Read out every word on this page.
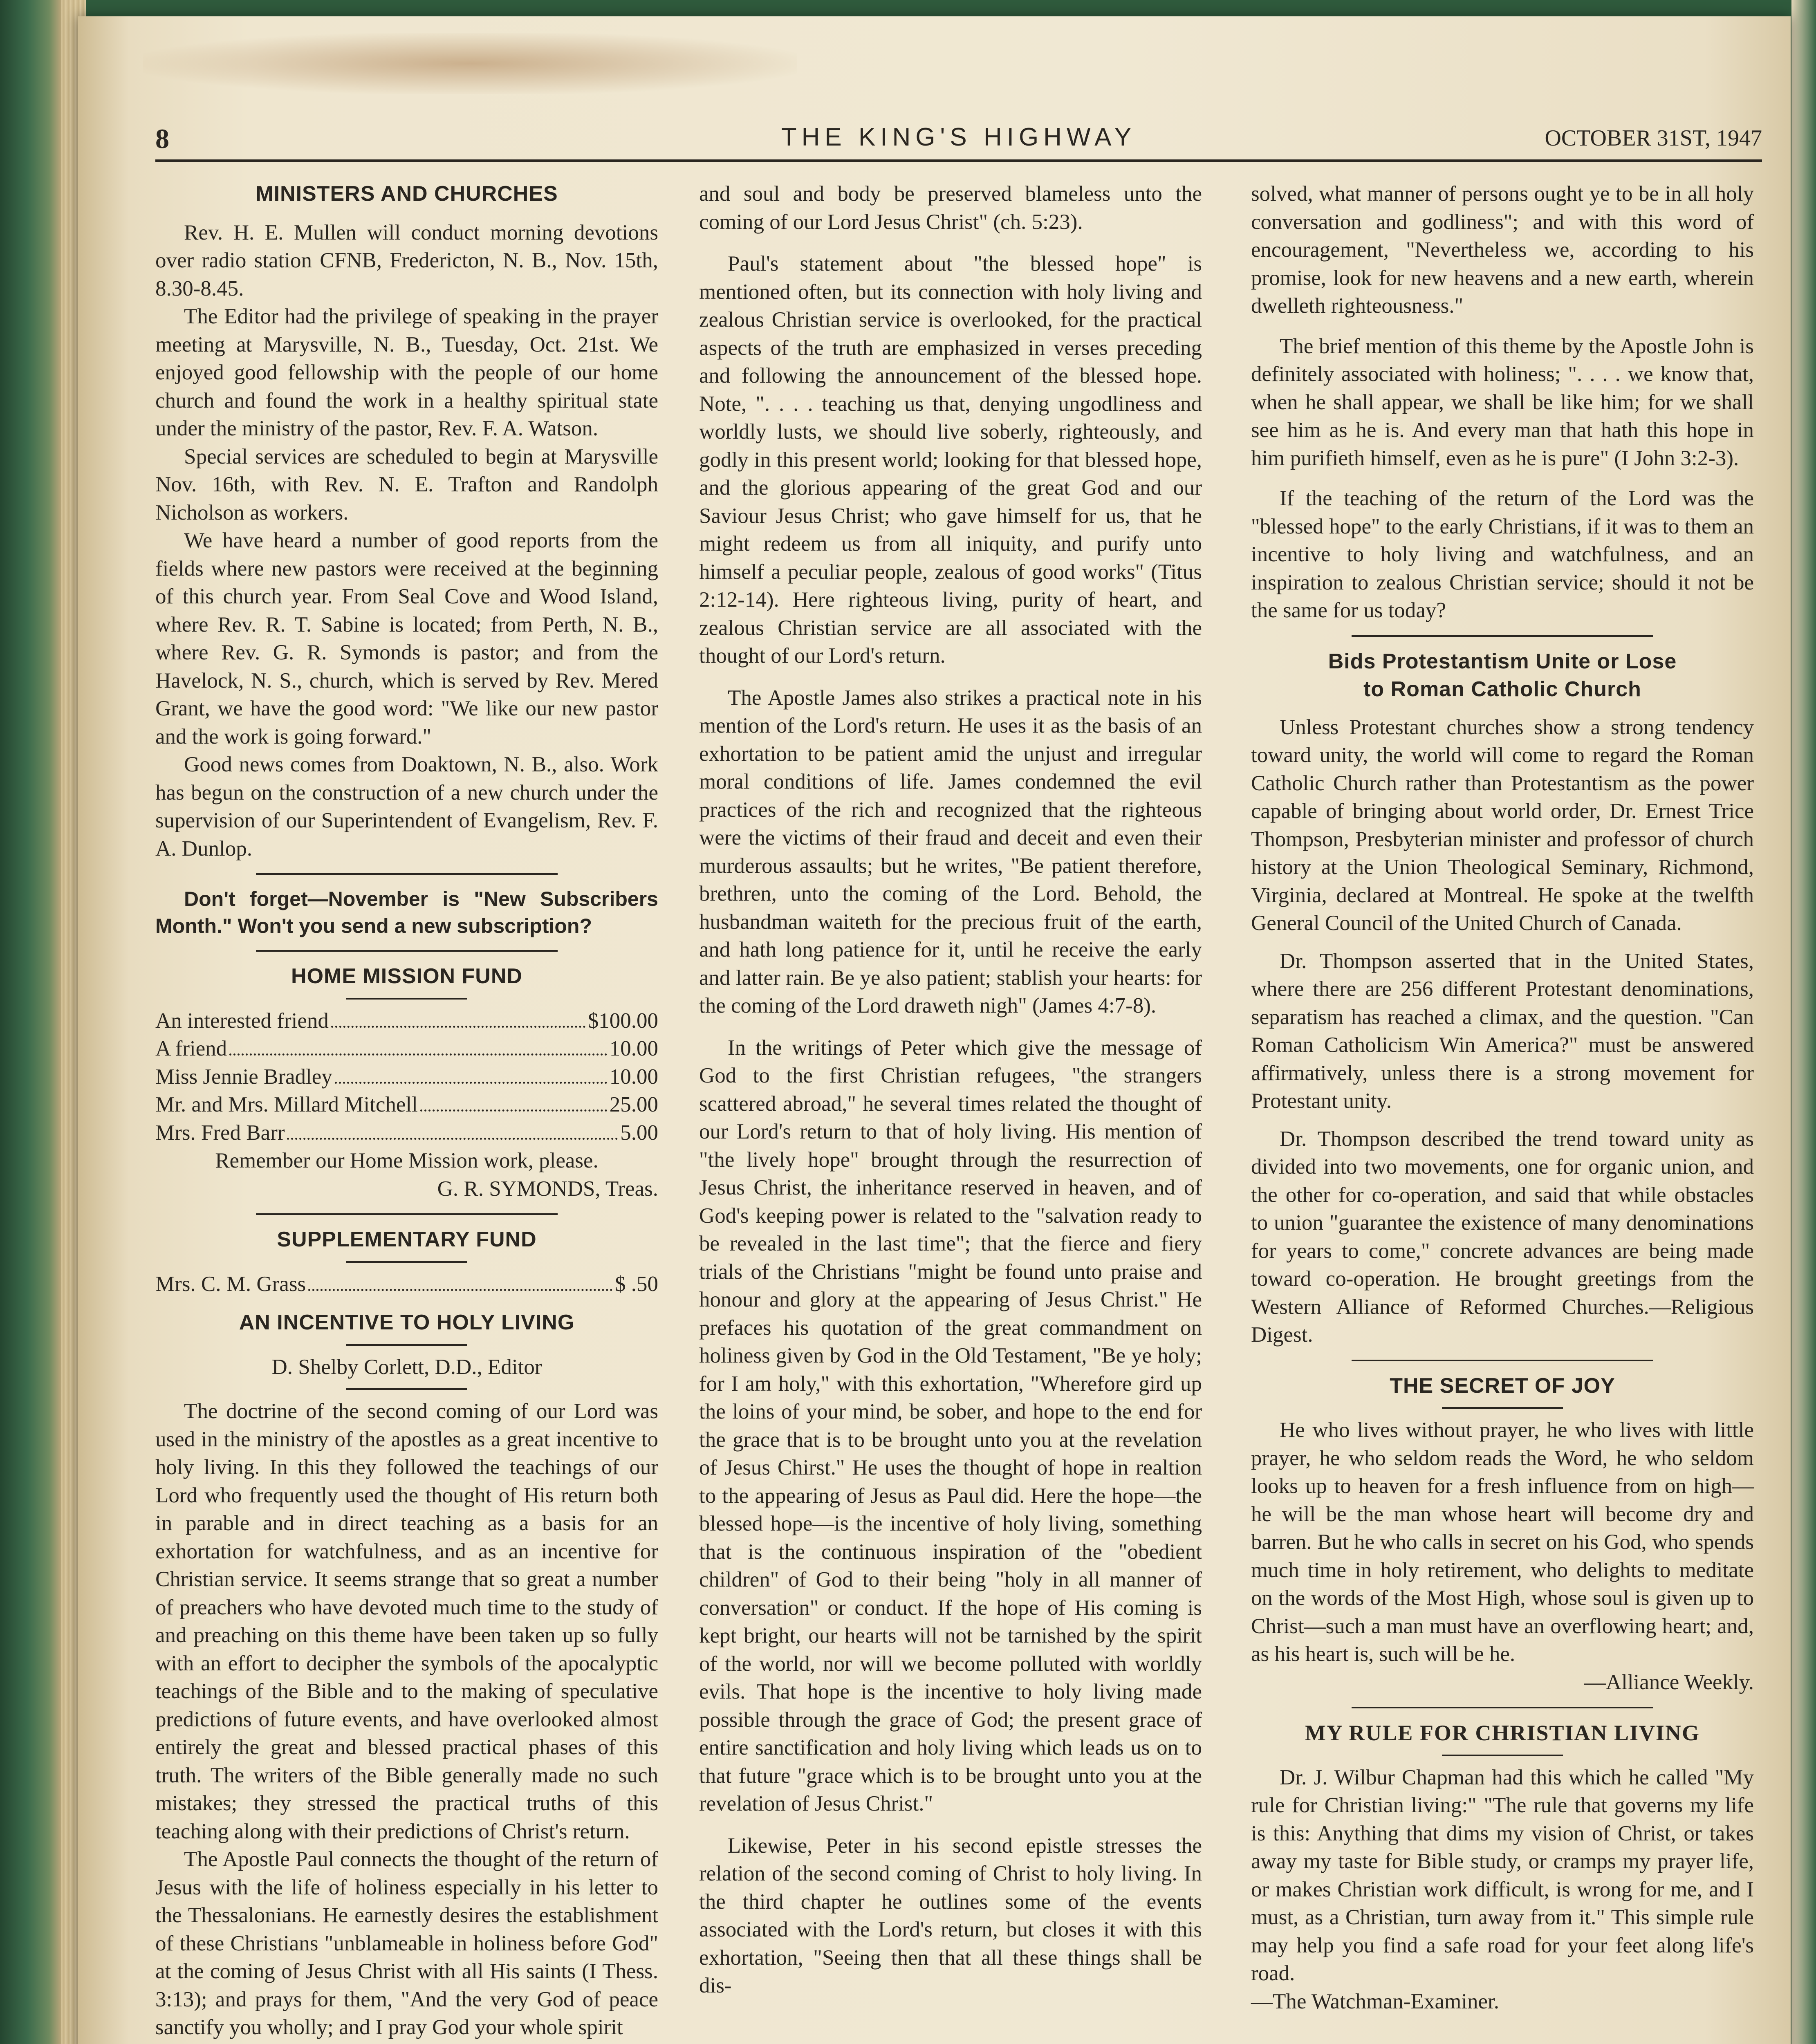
8	THE KING'S HIGHWAY	OCTOBER 31ST, 1947
MINISTERS AND CHURCHES

Rev. H. E. Mullen will conduct morning devotions over radio station CFNB, Fredericton, N. B., Nov. 15th, 8.30-8.45.

The Editor had the privilege of speaking in the prayer meeting at Marysville, N. B., Tuesday, Oct. 21st. We enjoyed good fellowship with the people of our home church and found the work in a healthy spiritual state under the ministry of the pastor, Rev. F. A. Watson.

Special services are scheduled to begin at Marysville Nov. 16th, with Rev. N. E. Trafton and Randolph Nicholson as workers.

We have heard a number of good reports from the fields where new pastors were received at the beginning of this church year. From Seal Cove and Wood Island, where Rev. R. T. Sabine is located; from Perth, N. B., where Rev. G. R. Symonds is pastor; and from the Havelock, N. S., church, which is served by Rev. Mered Grant, we have the good word: "We like our new pastor and the work is going forward."

Good news comes from Doaktown, N. B., also. Work has begun on the construction of a new church under the supervision of our Superintendent of Evangelism, Rev. F. A. Dunlop.

Don't forget—November is "New Subscribers Month." Won't you send a new subscription?

HOME MISSION FUND
An interested friend	$100.00
A friend	10.00
Miss Jennie Bradley	10.00
Mr. and Mrs. Millard Mitchell	25.00
Mrs. Fred Barr	5.00

Remember our Home Mission work, please.

G. R. SYMONDS, Treas.

SUPPLEMENTARY FUND
Mrs. C. M. Grass	$ .50
AN INCENTIVE TO HOLY LIVING

D. Shelby Corlett, D.D., Editor

The doctrine of the second coming of our Lord was used in the ministry of the apostles as a great incentive to holy living. In this they followed the teachings of our Lord who frequently used the thought of His return both in parable and in direct teaching as a basis for an exhortation for watchfulness, and as an incentive for Christian service. It seems strange that so great a number of preachers who have devoted much time to the study of and preaching on this theme have been taken up so fully with an effort to decipher the symbols of the apocalyptic teachings of the Bible and to the making of speculative predictions of future events, and have overlooked almost entirely the great and blessed practical phases of this truth. The writers of the Bible generally made no such mistakes; they stressed the practical truths of this teaching along with their predictions of Christ's return.

The Apostle Paul connects the thought of the return of Jesus with the life of holiness especially in his letter to the Thessalonians. He earnestly desires the establishment of these Christians "unblameable in holiness before God" at the coming of Jesus Christ with all His saints (I Thess. 3:13); and prays for them, "And the very God of peace sanctify you wholly; and I pray God your whole spirit

and soul and body be preserved blameless unto the coming of our Lord Jesus Christ" (ch. 5:23).

Paul's statement about "the blessed hope" is mentioned often, but its connection with holy living and zealous Christian service is overlooked, for the practical aspects of the truth are emphasized in verses preceding and following the announcement of the blessed hope. Note, ". . . . teaching us that, denying ungodliness and worldly lusts, we should live soberly, righteously, and godly in this present world; looking for that blessed hope, and the glorious appearing of the great God and our Saviour Jesus Christ; who gave himself for us, that he might redeem us from all iniquity, and purify unto himself a peculiar people, zealous of good works" (Titus 2:12-14). Here righteous living, purity of heart, and zealous Christian service are all associated with the thought of our Lord's return.

The Apostle James also strikes a practical note in his mention of the Lord's return. He uses it as the basis of an exhortation to be patient amid the unjust and irregular moral conditions of life. James condemned the evil practices of the rich and recognized that the righteous were the victims of their fraud and deceit and even their murderous assaults; but he writes, "Be patient therefore, brethren, unto the coming of the Lord. Behold, the husbandman waiteth for the precious fruit of the earth, and hath long patience for it, until he receive the early and latter rain. Be ye also patient; stablish your hearts: for the coming of the Lord draweth nigh" (James 4:7-8).

In the writings of Peter which give the message of God to the first Christian refugees, "the strangers scattered abroad," he several times related the thought of our Lord's return to that of holy living. His mention of "the lively hope" brought through the resurrection of Jesus Christ, the inheritance reserved in heaven, and of God's keeping power is related to the "salvation ready to be revealed in the last time"; that the fierce and fiery trials of the Christians "might be found unto praise and honour and glory at the appearing of Jesus Christ." He prefaces his quotation of the great commandment on holiness given by God in the Old Testament, "Be ye holy; for I am holy," with this exhortation, "Wherefore gird up the loins of your mind, be sober, and hope to the end for the grace that is to be brought unto you at the revelation of Jesus Chirst." He uses the thought of hope in realtion to the appearing of Jesus as Paul did. Here the hope—the blessed hope—is the incentive of holy living, something that is the continuous inspiration of the "obedient children" of God to their being "holy in all manner of conversation" or conduct. If the hope of His coming is kept bright, our hearts will not be tarnished by the spirit of the world, nor will we become polluted with worldly evils. That hope is the incentive to holy living made possible through the grace of God; the present grace of entire sanctification and holy living which leads us on to that future "grace which is to be brought unto you at the revelation of Jesus Christ."

Likewise, Peter in his second epistle stresses the relation of the second coming of Christ to holy living. In the third chapter he outlines some of the events associated with the Lord's return, but closes it with this exhortation, "Seeing then that all these things shall be dis-

solved, what manner of persons ought ye to be in all holy conversation and godliness"; and with this word of encouragement, "Nevertheless we, according to his promise, look for new heavens and a new earth, wherein dwelleth righteousness."

The brief mention of this theme by the Apostle John is definitely associated with holiness; ". . . . we know that, when he shall appear, we shall be like him; for we shall see him as he is. And every man that hath this hope in him purifieth himself, even as he is pure" (I John 3:2-3).

If the teaching of the return of the Lord was the "blessed hope" to the early Christians, if it was to them an incentive to holy living and watchfulness, and an inspiration to zealous Christian service; should it not be the same for us today?

Bids Protestantism Unite or Lose
to Roman Catholic Church

Unless Protestant churches show a strong tendency toward unity, the world will come to regard the Roman Catholic Church rather than Protestantism as the power capable of bringing about world order, Dr. Ernest Trice Thompson, Presbyterian minister and professor of church history at the Union Theological Seminary, Richmond, Virginia, declared at Montreal. He spoke at the twelfth General Council of the United Church of Canada.

Dr. Thompson asserted that in the United States, where there are 256 different Protestant denominations, separatism has reached a climax, and the question. "Can Roman Catholicism Win America?" must be answered affirmatively, unless there is a strong movement for Protestant unity.

Dr. Thompson described the trend toward unity as divided into two movements, one for organic union, and the other for co-operation, and said that while obstacles to union "guarantee the existence of many denominations for years to come," concrete advances are being made toward co-operation. He brought greetings from the Western Alliance of Reformed Churches.—Religious Digest.

THE SECRET OF JOY

He who lives without prayer, he who lives with little prayer, he who seldom reads the Word, he who seldom looks up to heaven for a fresh influence from on high—he will be the man whose heart will become dry and barren. But he who calls in secret on his God, who spends much time in holy retirement, who delights to meditate on the words of the Most High, whose soul is given up to Christ—such a man must have an overflowing heart; and, as his heart is, such will be he.

—Alliance Weekly.

MY RULE FOR CHRISTIAN LIVING

Dr. J. Wilbur Chapman had this which he called "My rule for Christian living:" "The rule that governs my life is this: Anything that dims my vision of Christ, or takes away my taste for Bible study, or cramps my prayer life, or makes Christian work difficult, is wrong for me, and I must, as a Christian, turn away from it." This simple rule may help you find a safe road for your feet along life's road.

—The Watchman-Examiner.
